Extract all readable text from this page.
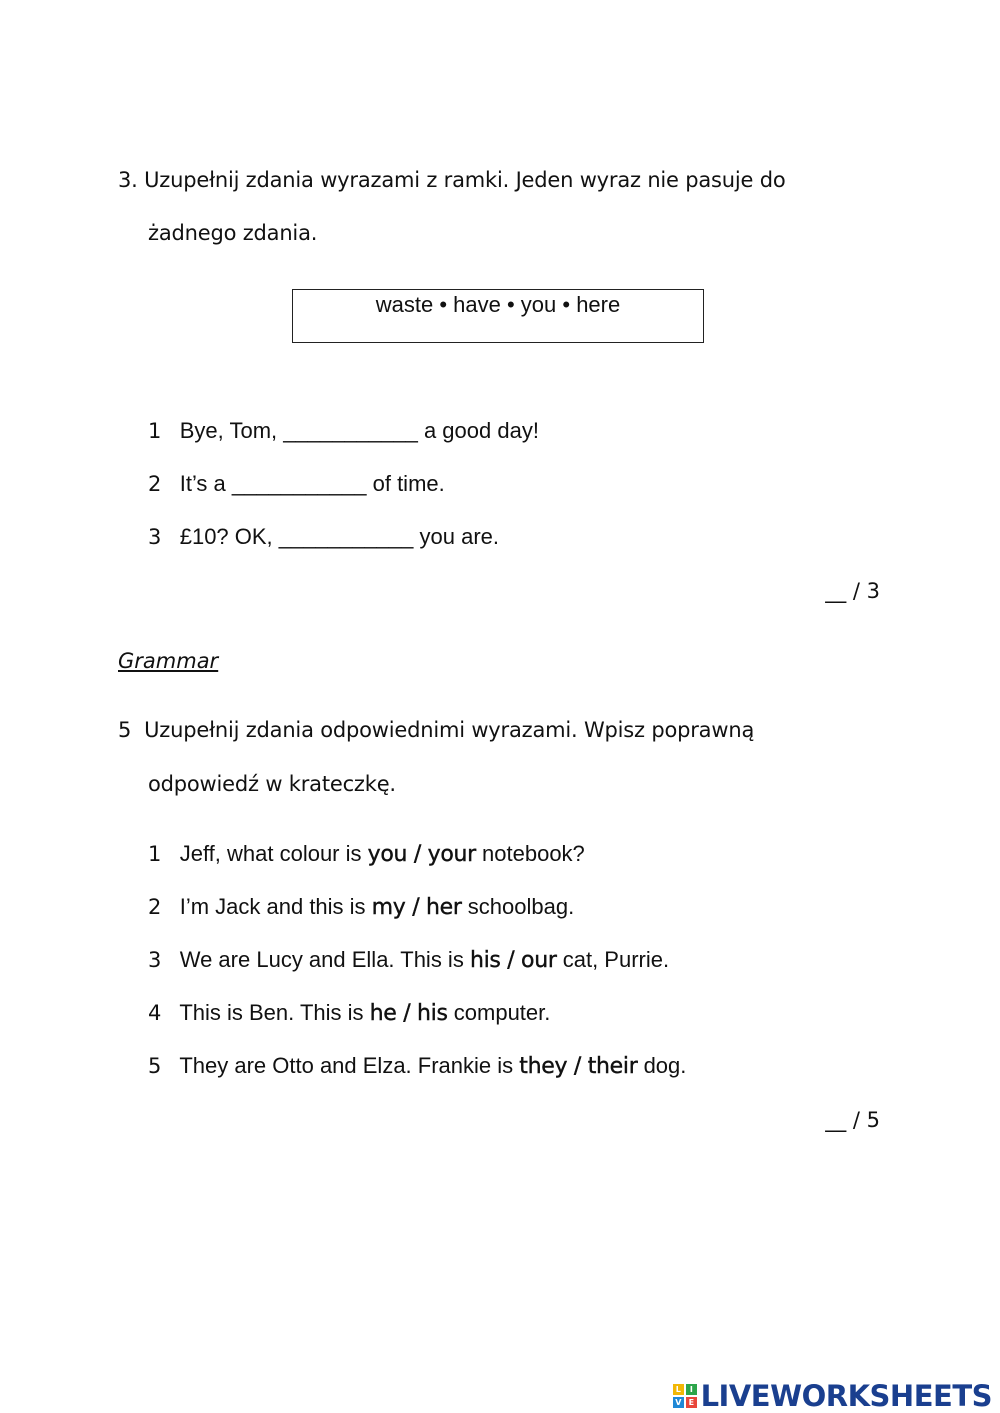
3. Uzupełnij zdania wyrazami z ramki. Jeden wyraz nie pasuje do
żadnego zdania.
waste • have • you • here
1 Bye, Tom, ___________ a good day!
2 It’s a ___________ of time.
3 £10? OK, ___________ you are.
__ / 3
Grammar
5 Uzupełnij zdania odpowiednimi wyrazami. Wpisz poprawną
odpowiedź w krateczkę.
1 Jeff, what colour is you / your notebook?
2 I’m Jack and this is my / her schoolbag.
3 We are Lucy and Ella. This is his / our cat, Purrie.
4 This is Ben. This is he / his computer.
5 They are Otto and Elza. Frankie is they / their dog.
__ / 5
L	I
V E LIVEWORKSHEETS
